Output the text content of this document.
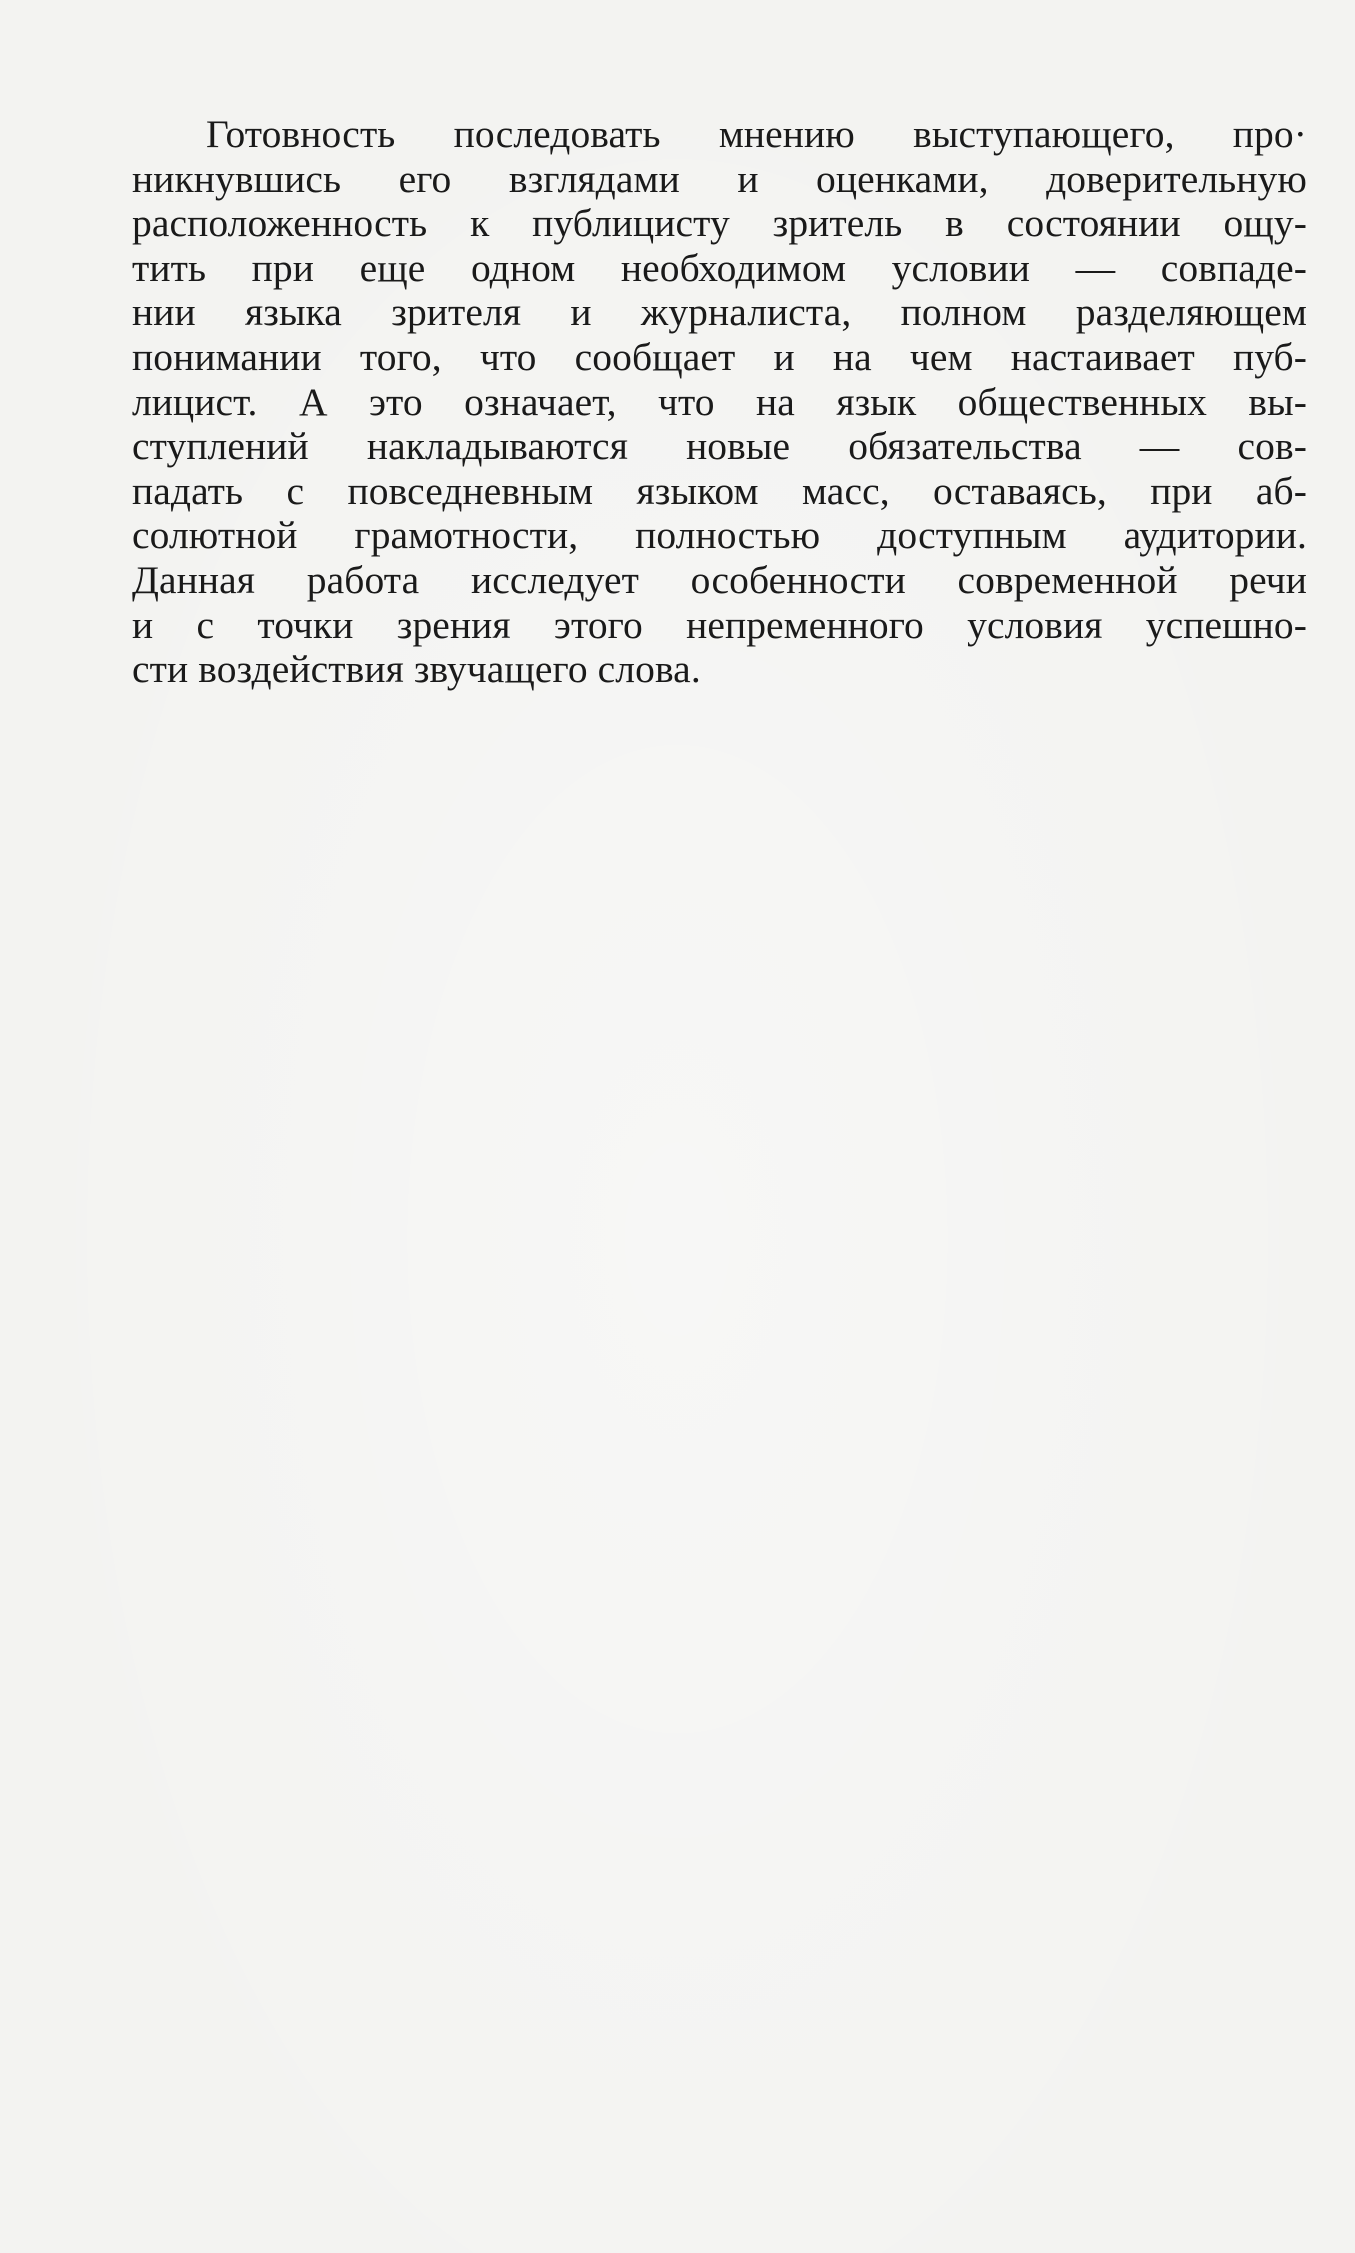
Готовность последовать мнению выступающего, про·
никнувшись его взглядами и оценками, доверительную
расположенность к публицисту зритель в состоянии ощу-
тить при еще одном необходимом условии — совпаде-
нии языка зрителя и журналиста, полном разделяющем
понимании того, что сообщает и на чем настаивает пуб-
лицист. А это означает, что на язык общественных вы-
ступлений накладываются новые обязательства — сов-
падать с повседневным языком масс, оставаясь, при аб-
солютной грамотности, полностью доступным аудитории.
Данная работа исследует особенности современной речи
и с точки зрения этого непременного условия успешно-
сти воздействия звучащего слова.
